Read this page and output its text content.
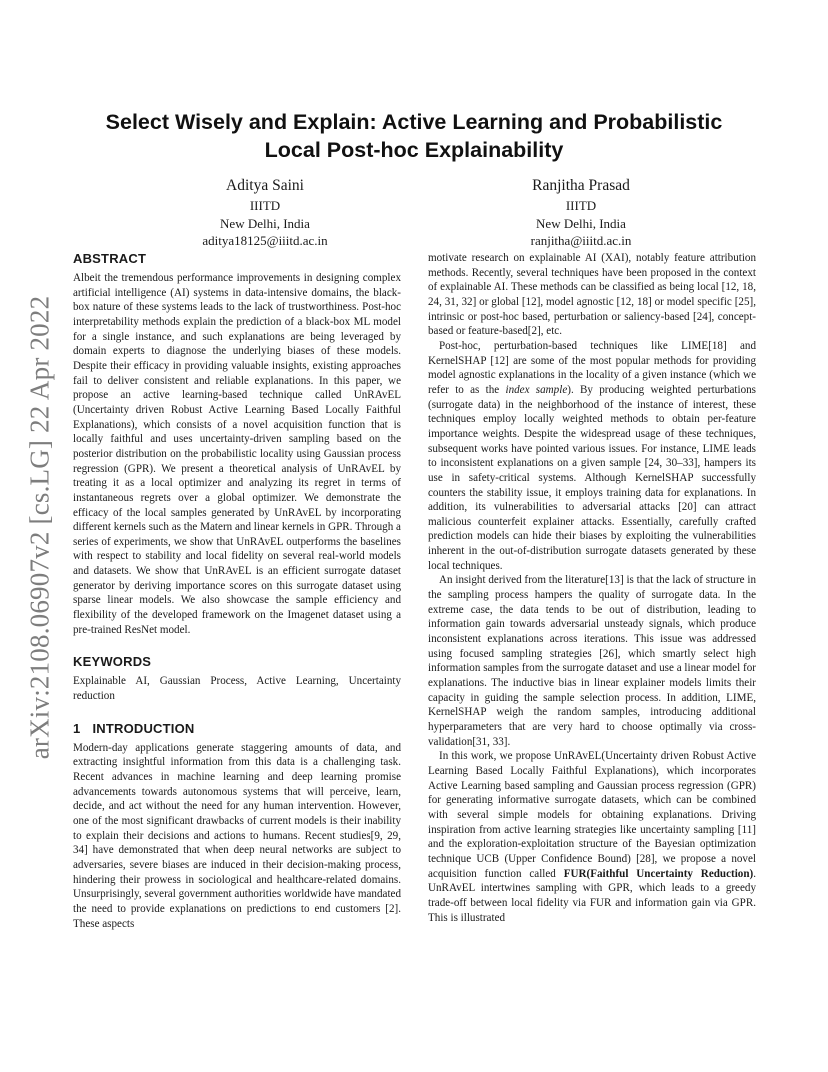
arXiv:2108.06907v2 [cs.LG] 22 Apr 2022
Select Wisely and Explain: Active Learning and Probabilistic
Local Post-hoc Explainability
Aditya Saini
IIITD
New Delhi, India
aditya18125@iiitd.ac.in
Ranjitha Prasad
IIITD
New Delhi, India
ranjitha@iiitd.ac.in
ABSTRACT

Albeit the tremendous performance improvements in designing complex artificial intelligence (AI) systems in data-intensive domains, the black-box nature of these systems leads to the lack of trustworthiness. Post-hoc interpretability methods explain the prediction of a black-box ML model for a single instance, and such explanations are being leveraged by domain experts to diagnose the underlying biases of these models. Despite their efficacy in providing valuable insights, existing approaches fail to deliver consistent and reliable explanations. In this paper, we propose an active learning-based technique called UnRAvEL (Uncertainty driven Robust Active Learning Based Locally Faithful Explanations), which consists of a novel acquisition function that is locally faithful and uses uncertainty-driven sampling based on the posterior distribution on the probabilistic locality using Gaussian process regression (GPR). We present a theoretical analysis of UnRAvEL by treating it as a local optimizer and analyzing its regret in terms of instantaneous regrets over a global optimizer. We demonstrate the efficacy of the local samples generated by UnRAvEL by incorporating different kernels such as the Matern and linear kernels in GPR. Through a series of experiments, we show that UnRAvEL outperforms the baselines with respect to stability and local fidelity on several real-world models and datasets. We show that UnRAvEL is an efficient surrogate dataset generator by deriving importance scores on this surrogate dataset using sparse linear models. We also showcase the sample efficiency and flexibility of the developed framework on the Imagenet dataset using a pre-trained ResNet model.

KEYWORDS

Explainable AI, Gaussian Process, Active Learning, Uncertainty reduction

1 INTRODUCTION

Modern-day applications generate staggering amounts of data, and extracting insightful information from this data is a challenging task. Recent advances in machine learning and deep learning promise advancements towards autonomous systems that will perceive, learn, decide, and act without the need for any human intervention. However, one of the most significant drawbacks of current models is their inability to explain their decisions and actions to humans. Recent studies[9, 29, 34] have demonstrated that when deep neural networks are subject to adversaries, severe biases are induced in their decision-making process, hindering their prowess in sociological and healthcare-related domains. Unsurprisingly, several government authorities worldwide have mandated the need to provide explanations on predictions to end customers [2]. These aspects

motivate research on explainable AI (XAI), notably feature attribution methods. Recently, several techniques have been proposed in the context of explainable AI. These methods can be classified as being local [12, 18, 24, 31, 32] or global [12], model agnostic [12, 18] or model specific [25], intrinsic or post-hoc based, perturbation or saliency-based [24], concept-based or feature-based[2], etc.

Post-hoc, perturbation-based techniques like LIME[18] and KernelSHAP [12] are some of the most popular methods for providing model agnostic explanations in the locality of a given instance (which we refer to as the index sample). By producing weighted perturbations (surrogate data) in the neighborhood of the instance of interest, these techniques employ locally weighted methods to obtain per-feature importance weights. Despite the widespread usage of these techniques, subsequent works have pointed various issues. For instance, LIME leads to inconsistent explanations on a given sample [24, 30–33], hampers its use in safety-critical systems. Although KernelSHAP successfully counters the stability issue, it employs training data for explanations. In addition, its vulnerabilities to adversarial attacks [20] can attract malicious counterfeit explainer attacks. Essentially, carefully crafted prediction models can hide their biases by exploiting the vulnerabilities inherent in the out-of-distribution surrogate datasets generated by these local techniques.

An insight derived from the literature[13] is that the lack of structure in the sampling process hampers the quality of surrogate data. In the extreme case, the data tends to be out of distribution, leading to information gain towards adversarial unsteady signals, which produce inconsistent explanations across iterations. This issue was addressed using focused sampling strategies [26], which smartly select high information samples from the surrogate dataset and use a linear model for explanations. The inductive bias in linear explainer models limits their capacity in guiding the sample selection process. In addition, LIME, KernelSHAP weigh the random samples, introducing additional hyperparameters that are very hard to choose optimally via cross-validation[31, 33].

In this work, we propose UnRAvEL(Uncertainty driven Robust Active Learning Based Locally Faithful Explanations), which incorporates Active Learning based sampling and Gaussian process regression (GPR) for generating informative surrogate datasets, which can be combined with several simple models for obtaining explanations. Driving inspiration from active learning strategies like uncertainty sampling [11] and the exploration-exploitation structure of the Bayesian optimization technique UCB (Upper Confidence Bound) [28], we propose a novel acquisition function called FUR(Faithful Uncertainty Reduction). UnRAvEL intertwines sampling with GPR, which leads to a greedy trade-off between local fidelity via FUR and information gain via GPR. This is illustrated
